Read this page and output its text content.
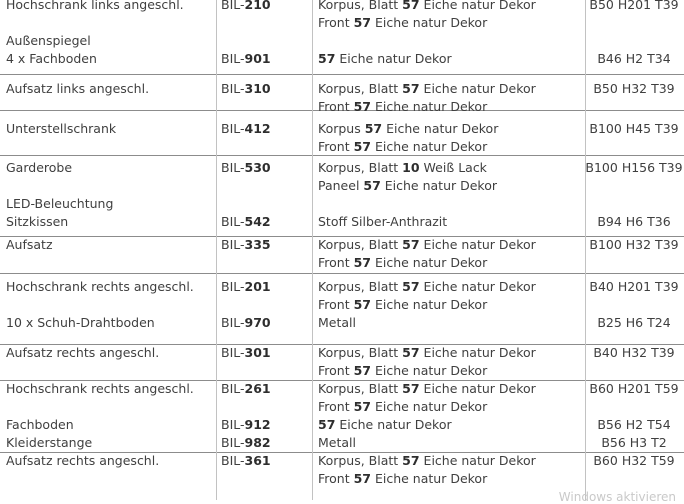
Hochschrank links angeschl.	BIL-210	Korpus, Blatt 57 Eiche natur Dekor	B50 H201 T39
Front 57 Eiche natur Dekor
Außenspiegel
4 x Fachboden	BIL-901	57 Eiche natur Dekor	B46 H2 T34
Aufsatz links angeschl.	BIL-310	Korpus, Blatt 57 Eiche natur Dekor	B50 H32 T39
Front 57 Eiche natur Dekor
Unterstellschrank	BIL-412	Korpus 57 Eiche natur Dekor	B100 H45 T39
Front 57 Eiche natur Dekor
Garderobe	BIL-530	Korpus, Blatt 10 Weiß Lack	B100 H156 T39
Paneel 57 Eiche natur Dekor
LED-Beleuchtung
Sitzkissen	BIL-542	Stoff Silber-Anthrazit	B94 H6 T36
Aufsatz	BIL-335	Korpus, Blatt 57 Eiche natur Dekor	B100 H32 T39
Front 57 Eiche natur Dekor
Hochschrank rechts angeschl. BIL-201	Korpus, Blatt 57 Eiche natur Dekor	B40 H201 T39
Front 57 Eiche natur Dekor
10 x Schuh-Drahtboden	BIL-970	Metall	B25 H6 T24
Aufsatz rechts angeschl.	BIL-301	Korpus, Blatt 57 Eiche natur Dekor	B40 H32 T39
Front 57 Eiche natur Dekor
Hochschrank rechts angeschl. BIL-261	Korpus, Blatt 57 Eiche natur Dekor	B60 H201 T59
Front 57 Eiche natur Dekor
Fachboden	BIL-912	57 Eiche natur Dekor	B56 H2 T54
Kleiderstange	BIL-982	Metall	B56 H3 T2
Aufsatz rechts angeschl.	BIL-361	Korpus, Blatt 57 Eiche natur Dekor	B60 H32 T59
Front 57 Eiche natur Dekor
Windows aktivieren
